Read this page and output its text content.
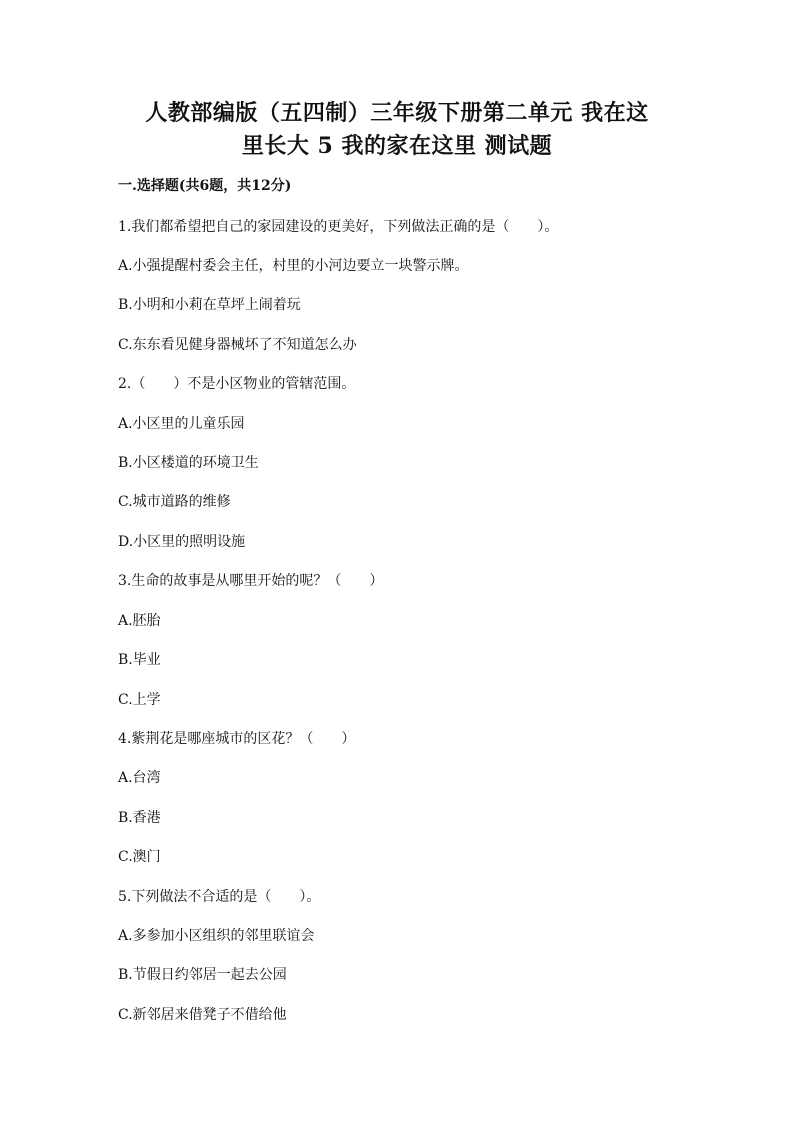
人教部编版（五四制）三年级下册第二单元 我在这
里长大 5 我的家在这里 测试题
一.选择题(共6题，共12分)
1.我们都希望把自己的家园建设的更美好，下列做法正确的是（　　）。
A.小强提醒村委会主任，村里的小河边要立一块警示牌。
B.小明和小莉在草坪上闹着玩
C.东东看见健身器械坏了不知道怎么办
2.（　　）不是小区物业的管辖范围。
A.小区里的儿童乐园
B.小区楼道的环境卫生
C.城市道路的维修
D.小区里的照明设施
3.生命的故事是从哪里开始的呢？（　　）
A.胚胎
B.毕业
C.上学
4.紫荆花是哪座城市的区花？（　　）
A.台湾
B.香港
C.澳门
5.下列做法不合适的是（　　）。
A.多参加小区组织的邻里联谊会
B.节假日约邻居一起去公园
C.新邻居来借凳子不借给他
